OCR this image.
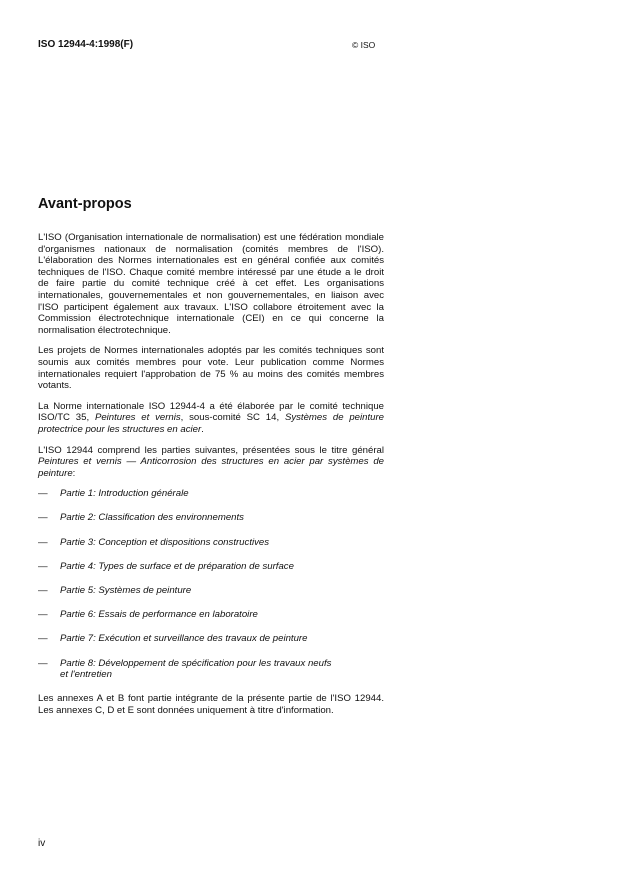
ISO 12944-4:1998(F)	© ISO
Avant-propos

L'ISO (Organisation internationale de normalisation) est une fédération mondiale d'organismes nationaux de normalisation (comités membres de l'ISO). L'élaboration des Normes internationales est en général confiée aux comités techniques de l'ISO. Chaque comité membre intéressé par une étude a le droit de faire partie du comité technique créé à cet effet. Les organisations internationales, gouvernementales et non gouvernementales, en liaison avec l'ISO participent également aux travaux. L'ISO collabore étroitement avec la Commission électrotechnique internationale (CEI) en ce qui concerne la normalisation électrotechnique.

Les projets de Normes internationales adoptés par les comités techniques sont soumis aux comités membres pour vote. Leur publication comme Normes internationales requiert l'approbation de 75 % au moins des comités membres votants.

La Norme internationale ISO 12944-4 a été élaborée par le comité technique ISO/TC 35, Peintures et vernis, sous-comité SC 14, Systèmes de peinture protectrice pour les structures en acier.

L'ISO 12944 comprend les parties suivantes, présentées sous le titre général Peintures et vernis — Anticorrosion des structures en acier par systèmes de peinture:

— Partie 1: Introduction générale
— Partie 2: Classification des environnements
— Partie 3: Conception et dispositions constructives
— Partie 4: Types de surface et de préparation de surface
— Partie 5: Systèmes de peinture
— Partie 6: Essais de performance en laboratoire
— Partie 7: Exécution et surveillance des travaux de peinture
— Partie 8: Développement de spécification pour les travaux neufs
et l'entretien

Les annexes A et B font partie intégrante de la présente partie de l'ISO 12944. Les annexes C, D et E sont données uniquement à titre d'information.

iv
